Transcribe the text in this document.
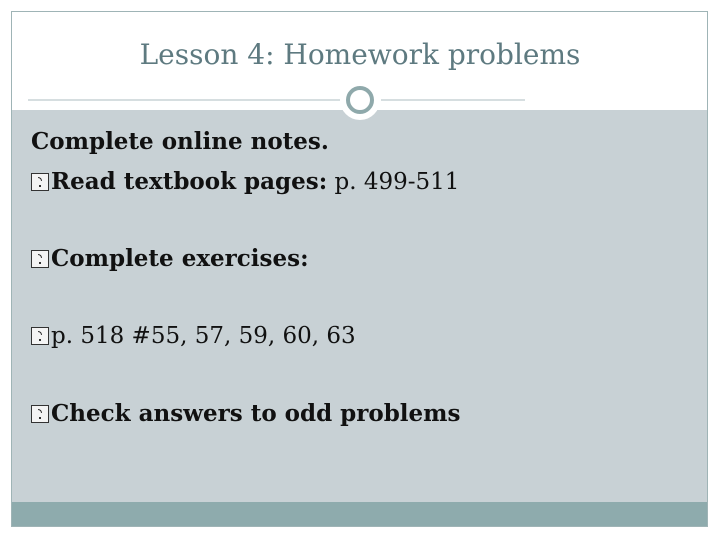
Lesson 4: Homework problems
Complete online notes.
Read textbook pages: p. 499-511
Complete exercises:
p. 518 #55, 57, 59, 60, 63
Check answers to odd problems
